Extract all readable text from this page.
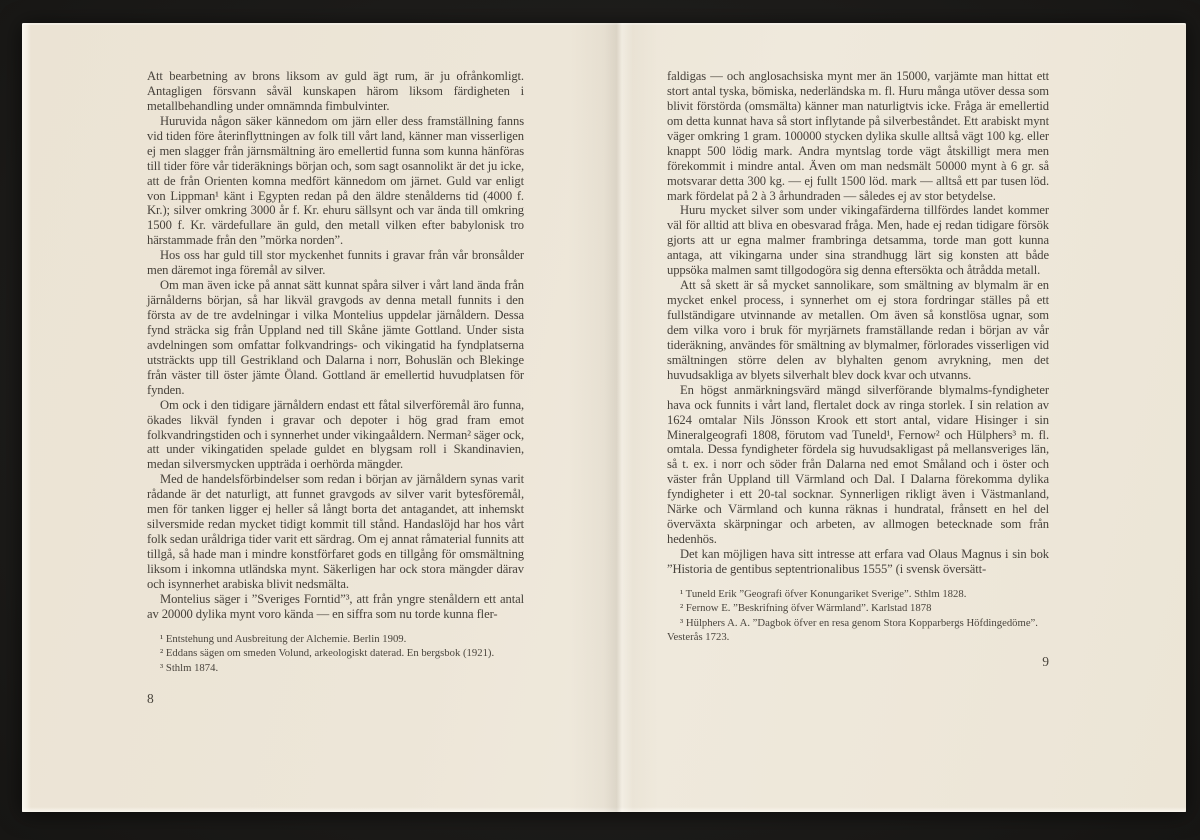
Att bearbetning av brons liksom av guld ägt rum, är ju ofrånkomligt. Antagligen försvann såväl kunskapen härom liksom färdigheten i metallbehandling under omnämnda fimbulvinter.

Huruvida någon säker kännedom om järn eller dess framställning fanns vid tiden före återinflyttningen av folk till vårt land, känner man visserligen ej men slagger från järnsmältning äro emellertid funna som kunna hänföras till tider före vår tideräknings början och, som sagt osannolikt är det ju icke, att de från Orienten komna medfört kännedom om järnet. Guld var enligt von Lippman¹ känt i Egypten redan på den äldre stenålderns tid (4000 f. Kr.); silver omkring 3000 år f. Kr. ehuru sällsynt och var ända till omkring 1500 f. Kr. värdefullare än guld, den metall vilken efter babylonisk tro härstammade från den ”mörka norden”.

Hos oss har guld till stor myckenhet funnits i gravar från vår bronsålder men däremot inga föremål av silver.

Om man även icke på annat sätt kunnat spåra silver i vårt land ända från järnålderns början, så har likväl gravgods av denna metall funnits i den första av de tre avdelningar i vilka Montelius uppdelar järnåldern. Dessa fynd sträcka sig från Uppland ned till Skåne jämte Gottland. Under sista avdelningen som omfattar folkvandrings- och vikingatid ha fyndplatserna utsträckts upp till Gestrikland och Dalarna i norr, Bohuslän och Blekinge från väster till öster jämte Öland. Gottland är emellertid huvudplatsen för fynden.

Om ock i den tidigare järnåldern endast ett fåtal silverföremål äro funna, ökades likväl fynden i gravar och depoter i hög grad fram emot folkvandringstiden och i synnerhet under vikingaåldern. Nerman² säger ock, att under vikingatiden spelade guldet en blygsam roll i Skandinavien, medan silversmycken uppträda i oerhörda mängder.

Med de handelsförbindelser som redan i början av järnåldern synas varit rådande är det naturligt, att funnet gravgods av silver varit bytesföremål, men för tanken ligger ej heller så långt borta det antagandet, att inhemskt silversmide redan mycket tidigt kommit till stånd. Handaslöjd har hos vårt folk sedan uråldriga tider varit ett särdrag. Om ej annat råmaterial funnits att tillgå, så hade man i mindre konstförfaret gods en tillgång för omsmältning liksom i inkomna utländska mynt. Säkerligen har ock stora mängder därav och isynnerhet arabiska blivit nedsmälta.

Montelius säger i ”Sveriges Forntid”³, att från yngre stenåldern ett antal av 20000 dylika mynt voro kända — en siffra som nu torde kunna fler-

¹ Entstehung und Ausbreitung der Alchemie. Berlin 1909.

² Eddans sägen om smeden Volund, arkeologiskt daterad. En bergsbok (1921).

³ Sthlm 1874.

8

faldigas — och anglosachsiska mynt mer än 15000, varjämte man hittat ett stort antal tyska, bömiska, nederländska m. fl. Huru många utöver dessa som blivit förstörda (omsmälta) känner man naturligtvis icke. Fråga är emellertid om detta kunnat hava så stort inflytande på silverbeståndet. Ett arabiskt mynt väger omkring 1 gram. 100000 stycken dylika skulle alltså vägt 100 kg. eller knappt 500 lödig mark. Andra myntslag torde vägt åtskilligt mera men förekommit i mindre antal. Även om man nedsmält 50000 mynt à 6 gr. så motsvarar detta 300 kg. — ej fullt 1500 löd. mark — alltså ett par tusen löd. mark fördelat på 2 à 3 århundraden — således ej av stor betydelse.

Huru mycket silver som under vikingafärderna tillfördes landet kommer väl för alltid att bliva en obesvarad fråga. Men, hade ej redan tidigare försök gjorts att ur egna malmer frambringa detsamma, torde man gott kunna antaga, att vikingarna under sina strandhugg lärt sig konsten att både uppsöka malmen samt tillgodogöra sig denna eftersökta och åtrådda metall.

Att så skett är så mycket sannolikare, som smältning av blymalm är en mycket enkel process, i synnerhet om ej stora fordringar ställes på ett fullständigare utvinnande av metallen. Om även så konstlösa ugnar, som dem vilka voro i bruk för myrjärnets framställande redan i början av vår tideräkning, användes för smältning av blymalmer, förlorades visserligen vid smältningen större delen av blyhalten genom avrykning, men det huvudsakliga av blyets silverhalt blev dock kvar och utvanns.

En högst anmärkningsvärd mängd silverförande blymalms-fyndigheter hava ock funnits i vårt land, flertalet dock av ringa storlek. I sin relation av 1624 omtalar Nils Jönsson Krook ett stort antal, vidare Hisinger i sin Mineralgeografi 1808, förutom vad Tuneld¹, Fernow² och Hülphers³ m. fl. omtala. Dessa fyndigheter fördela sig huvudsakligast på mellansveriges län, så t. ex. i norr och söder från Dalarna ned emot Småland och i öster och väster från Uppland till Värmland och Dal. I Dalarna förekomma dylika fyndigheter i ett 20-tal socknar. Synnerligen rikligt även i Västmanland, Närke och Värmland och kunna räknas i hundratal, frånsett en hel del överväxta skärpningar och arbeten, av allmogen betecknade som från hedenhös.

Det kan möjligen hava sitt intresse att erfara vad Olaus Magnus i sin bok ”Historia de gentibus septentrionalibus 1555” (i svensk översätt-

¹ Tuneld Erik ”Geografi öfver Konungariket Sverige”. Sthlm 1828.

² Fernow E. ”Beskrifning öfver Wärmland”. Karlstad 1878

³ Hülphers A. A. ”Dagbok öfver en resa genom Stora Kopparbergs Höfdingedöme”. Vesterås 1723.

9
